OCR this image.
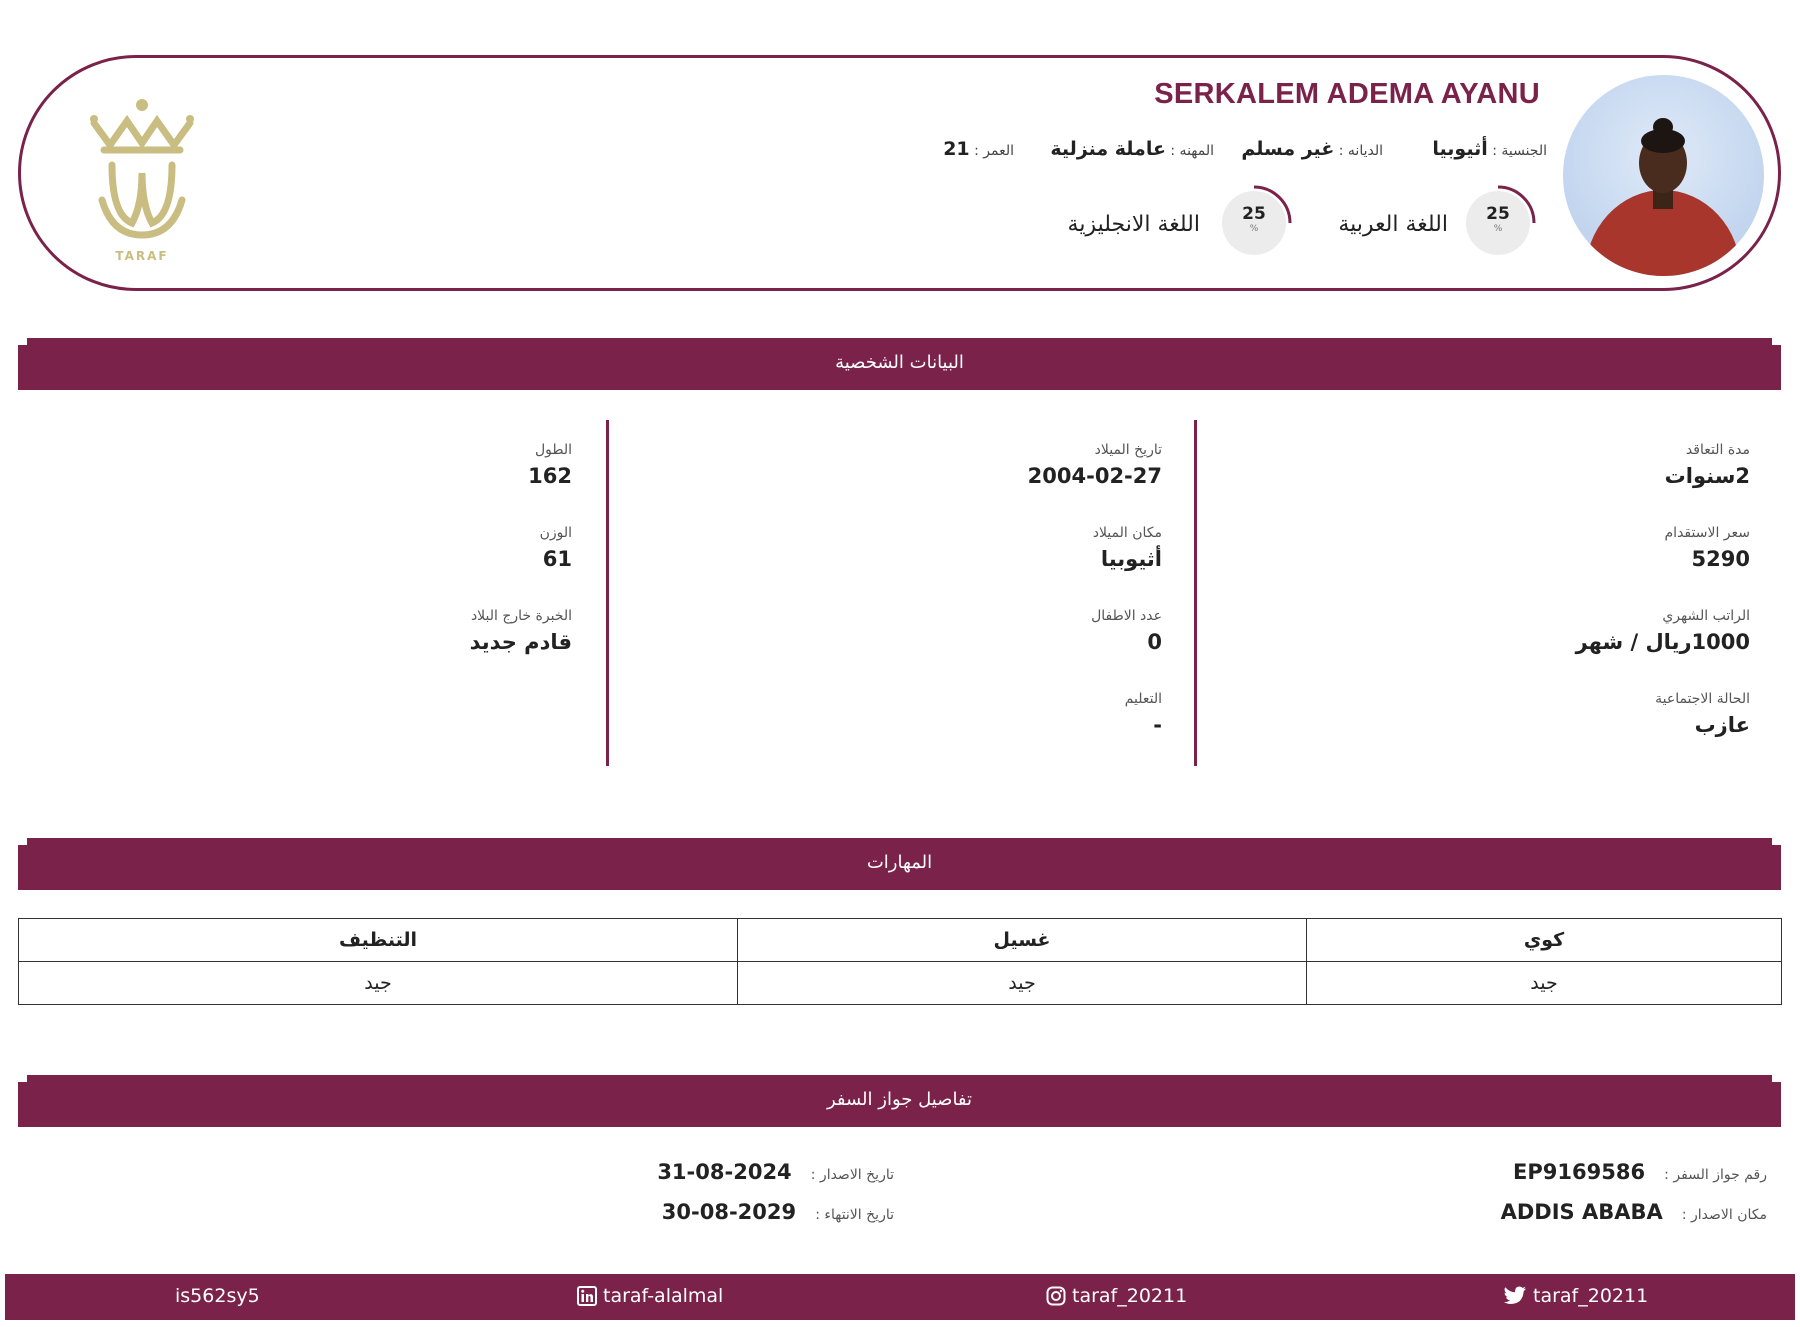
SERKALEM ADEMA AYANU
الجنسية : أثيوبيا
الديانه : غير مسلم
المهنه : عاملة منزلية
العمر : 21
25
%
اللغة العربية
25
%
اللغة الانجليزية
TARAF
البيانات الشخصية
مدة التعاقد
2سنوات
سعر الاستقدام
5290
الراتب الشهري
1000ريال / شهر
الحالة الاجتماعية
عازب
تاريخ الميلاد
2004-02-27
مكان الميلاد
أثيوبيا
عدد الاطفال
0
التعليم
-
الطول
162
الوزن
61
الخبرة خارج البلاد
قادم جديد
المهارات
كوي	غسيل	التنظيف
جيد	جيد	جيد
تفاصيل جواز السفر
رقم جواز السفر : EP9169586
مكان الاصدار : ADDIS ABABA
تاريخ الاصدار : 2024-08-31
تاريخ الانتهاء : 2029-08-30
is562sy5	taraf-alalmal	taraf_20211	taraf_20211
